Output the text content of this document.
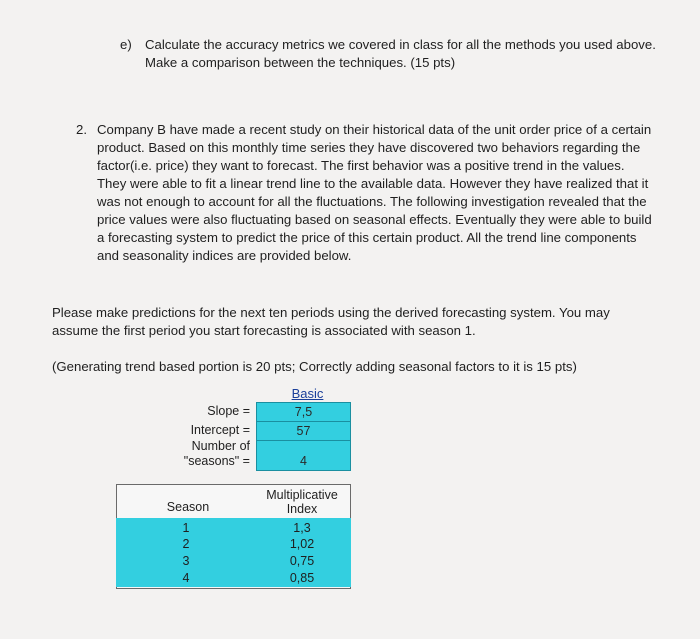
e) Calculate the accuracy metrics we covered in class for all the methods you used above. Make a comparison between the techniques. (15 pts)
2. Company B have made a recent study on their historical data of the unit order price of a certain product. Based on this monthly time series they have discovered two behaviors regarding the factor(i.e. price) they want to forecast. The first behavior was a positive trend in the values. They were able to fit a linear trend line to the available data. However they have realized that it was not enough to account for all the fluctuations. The following investigation revealed that the price values were also fluctuating based on seasonal effects. Eventually they were able to build a forecasting system to predict the price of this certain product. All the trend line components and seasonality indices are provided below.
Please make predictions for the next ten periods using the derived forecasting system. You may assume the first period you start forecasting is associated with season 1.
(Generating trend based portion is 20 pts; Correctly adding seasonal factors to it is 15 pts)
Basic
Slope =	7,5
Intercept =	57
Number of
"seasons" =	4
Season
Multiplicative
Index
1	1,3
2	1,02
3	0,75
4	0,85
